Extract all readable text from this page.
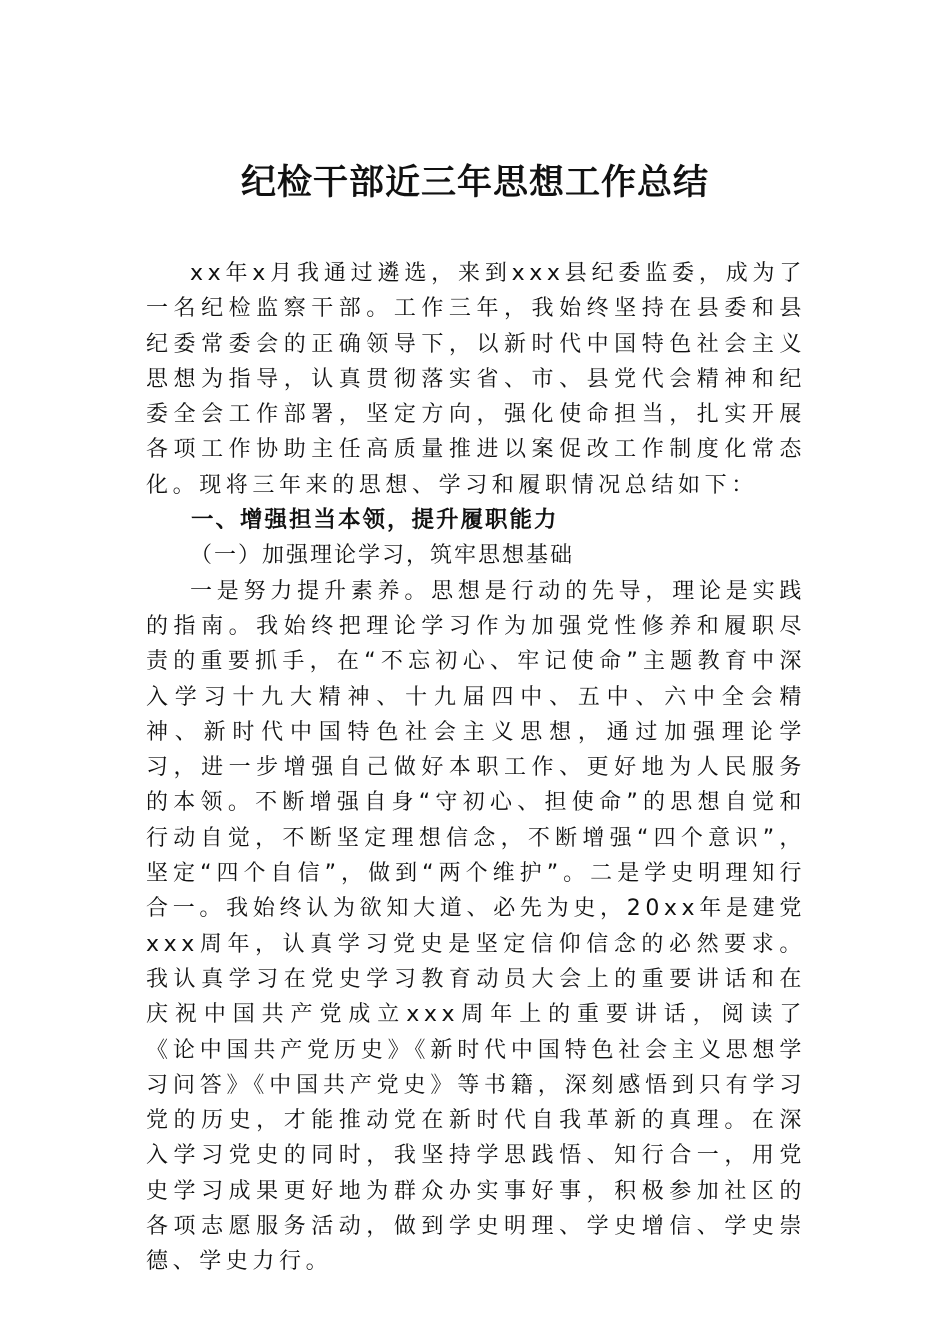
纪检干部近三年思想工作总结

xx年x月我通过遴选，来到xxx县纪委监委，成为了一名纪检监察干部。工作三年，我始终坚持在县委和县纪委常委会的正确领导下，以新时代中国特色社会主义思想为指导，认真贯彻落实省、市、县党代会精神和纪委全会工作部署，坚定方向，强化使命担当，扎实开展各项工作协助主任高质量推进以案促改工作制度化常态化。现将三年来的思想、学习和履职情况总结如下：

一、增强担当本领，提升履职能力

（一）加强理论学习，筑牢思想基础

一是努力提升素养。思想是行动的先导，理论是实践的指南。我始终把理论学习作为加强党性修养和履职尽责的重要抓手，在“不忘初心、牢记使命”主题教育中深入学习十九大精神、十九届四中、五中、六中全会精神、新时代中国特色社会主义思想，通过加强理论学习，进一步增强自己做好本职工作、更好地为人民服务的本领。不断增强自身“守初心、担使命”的思想自觉和行动自觉，不断坚定理想信念，不断增强“四个意识”，坚定“四个自信”，做到“两个维护”。二是学史明理知行合一。我始终认为欲知大道、必先为史，20xx年是建党xxx周年，认真学习党史是坚定信仰信念的必然要求。我认真学习在党史学习教育动员大会上的重要讲话和在庆祝中国共产党成立xxx周年上的重要讲话，阅读了《论中国共产党历史》《新时代中国特色社会主义思想学习问答》《中国共产党史》等书籍，深刻感悟到只有学习党的历史，才能推动党在新时代自我革新的真理。在深入学习党史的同时，我坚持学思践悟、知行合一，用党史学习成果更好地为群众办实事好事，积极参加社区的各项志愿服务活动，做到学史明理、学史增信、学史崇德、学史力行。
